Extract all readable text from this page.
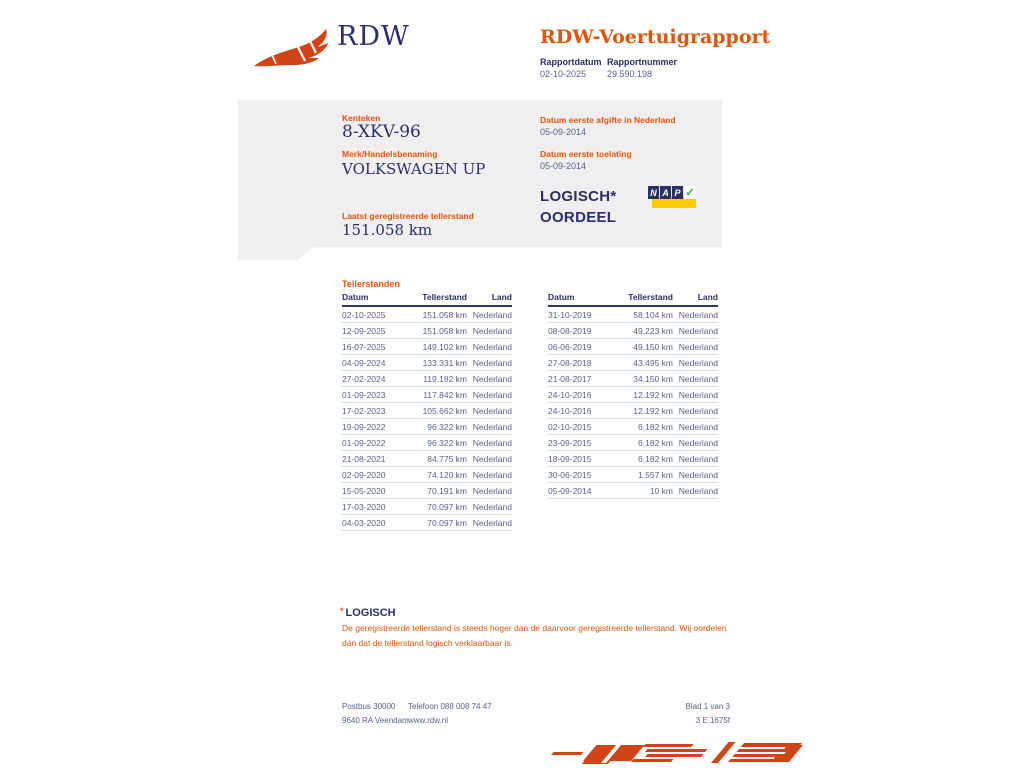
RDW	RDW-Voertuigrapport
Rapportdatum
02-10-2025
Rapportnummer
29.590.198
Kenteken
8-XKV-96
Merk/Handelsbenaming
VOLKSWAGEN UP
Laatst geregistreerde tellerstand
151.058 km
Datum eerste afgifte in Nederland
05-09-2014
Datum eerste toelating
05-09-2014
LOGISCH*
OORDEEL
N A P ✓
Tellerstanden
Datum	Tellerstand	Land
02-10-2025	151.058 km	Nederland
12-09-2025	151.058 km	Nederland
16-07-2025	149.102 km	Nederland
04-09-2024	133.331 km	Nederland
27-02-2024	119.182 km	Nederland
01-09-2023	117.842 km	Nederland
17-02-2023	105.662 km	Nederland
19-09-2022	96.322 km	Nederland
01-09-2022	96.322 km	Nederland
21-08-2021	84.775 km	Nederland
02-09-2020	74.120 km	Nederland
15-05-2020	70.191 km	Nederland
17-03-2020	70.097 km	Nederland
04-03-2020	70.097 km	Nederland
Datum	Tellerstand	Land
31-10-2019	58.104 km	Nederland
08-08-2019	49.223 km	Nederland
06-06-2019	49.150 km	Nederland
27-08-2018	43.495 km	Nederland
21-08-2017	34.150 km	Nederland
24-10-2016	12.192 km	Nederland
24-10-2016	12.192 km	Nederland
02-10-2015	6.182 km	Nederland
23-09-2015	6.182 km	Nederland
18-09-2015	6.182 km	Nederland
30-06-2015	1.557 km	Nederland
05-09-2014	10 km	Nederland
* LOGISCH
De geregistreerde tellerstand is steeds hoger dan de daarvoor geregistreerde tellerstand. Wij oordelen dan dat de tellerstand logisch verklaarbaar is.
Postbus 30000
9640 RA Veendam
Telefoon 088 008 74 47
www.rdw.nl
Blad 1 van 3
3 E 1675f
